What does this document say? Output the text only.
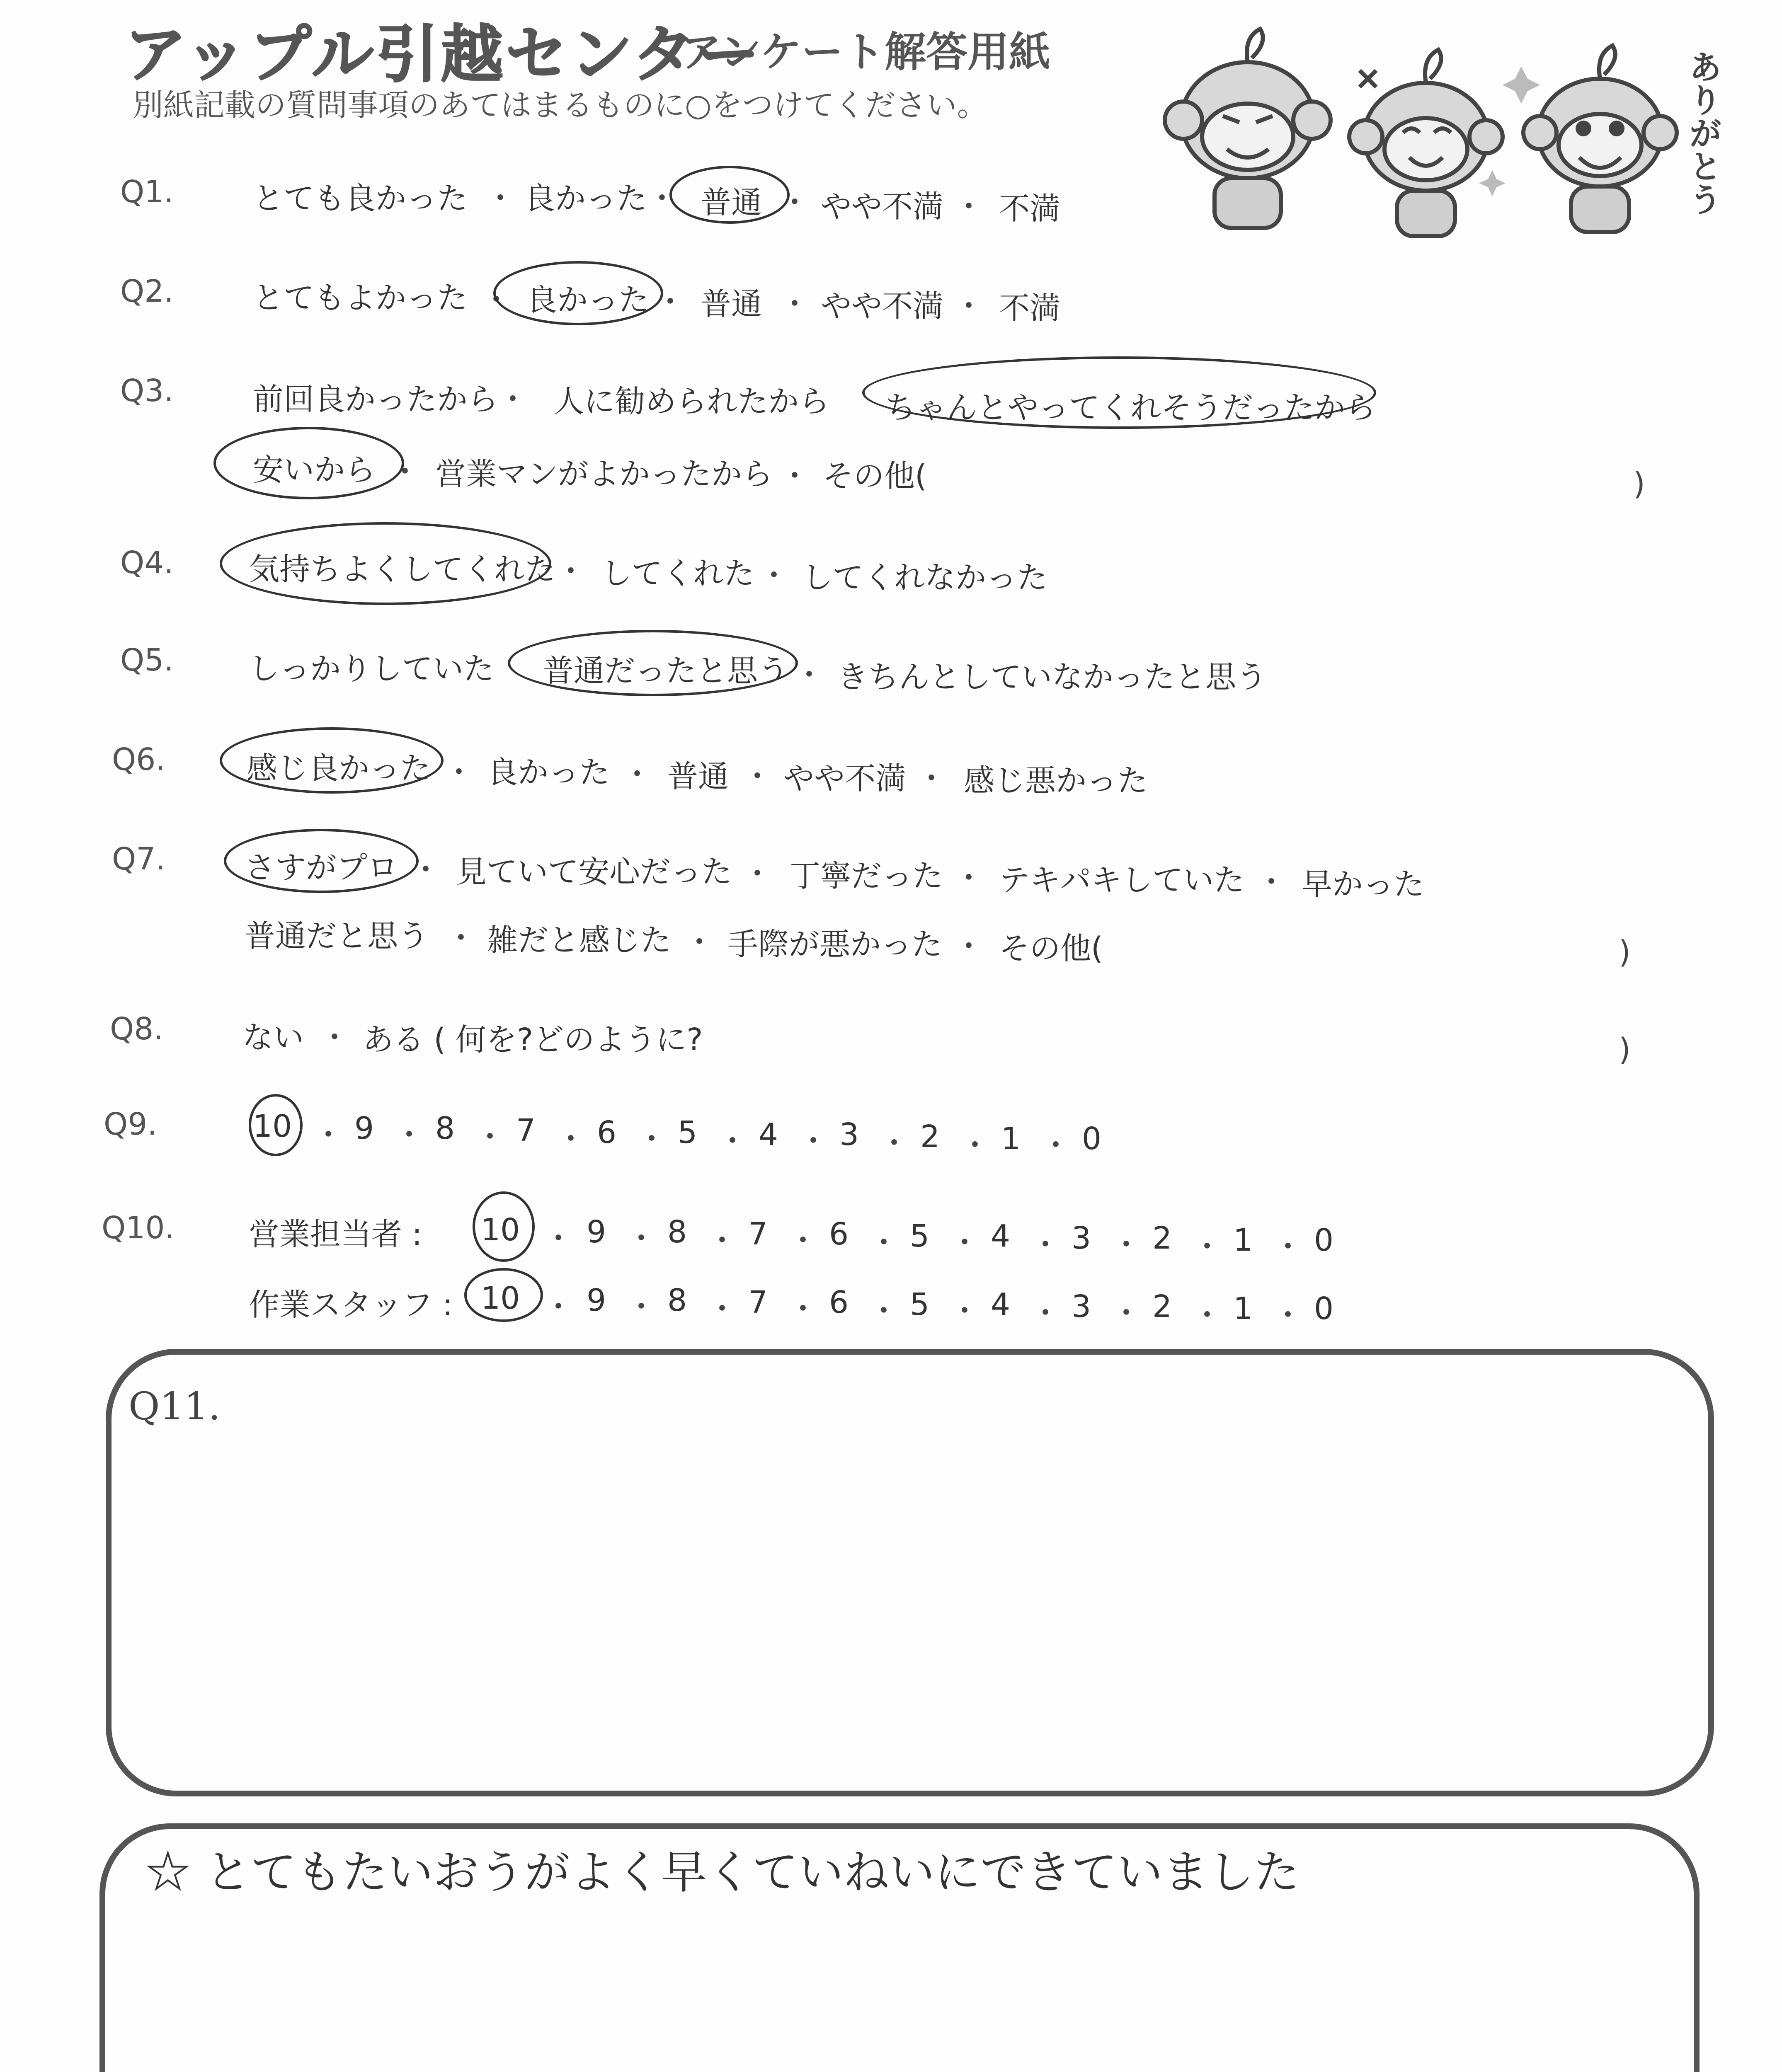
アップル引越センター
アンケート解答用紙
別紙記載の質問事項のあてはまるものに○をつけてください。	ありがとう
Q1.	とても良かった ・ 良かった ・ 普通 ・ やや不満 ・ 不満
Q2.	とてもよかった ・ 良かった ・ 普通 ・ やや不満 ・ 不満
Q3.	前回良かったから
・ 人に勧められたから ちゃんとやってくれそうだったから
安いから ・ 営業マンがよかったから ・ その他(	)
Q4. 気持ちよくしてくれた ・ してくれた ・ してくれなかった
Q5. しっかりしていた 普通だったと思う ・ きちんとしていなかったと思う
Q6.	感じ良かった ・ 良かった ・ 普通 ・ やや不満 ・ 感じ悪かった
Q7.	さすがプロ ・ 見ていて安心だった ・ 丁寧だった ・ テキパキしていた ・ 早かった
普通だと思う ・ 雑だと感じた ・ 手際が悪かった ・ その他(	)
Q8.	ない ・ ある ( 何を?どのように?	)
Q9.	10 9 8 7 6 5 4 3 2 1 0
・ ・ ・ ・ ・ ・ ・ ・ ・ ・
Q10. 営業担当者 : 10 9 8 7 6 5 4 3 2 1 0
・ ・ ・ ・ ・ ・ ・ ・ ・ ・
作業スタッフ : 10 9 8 7 6 5 4 3 2 1 0
・ ・ ・ ・ ・ ・ ・ ・ ・ ・
Q11.
☆ とてもたいおうがよく早くていねいにできていました
